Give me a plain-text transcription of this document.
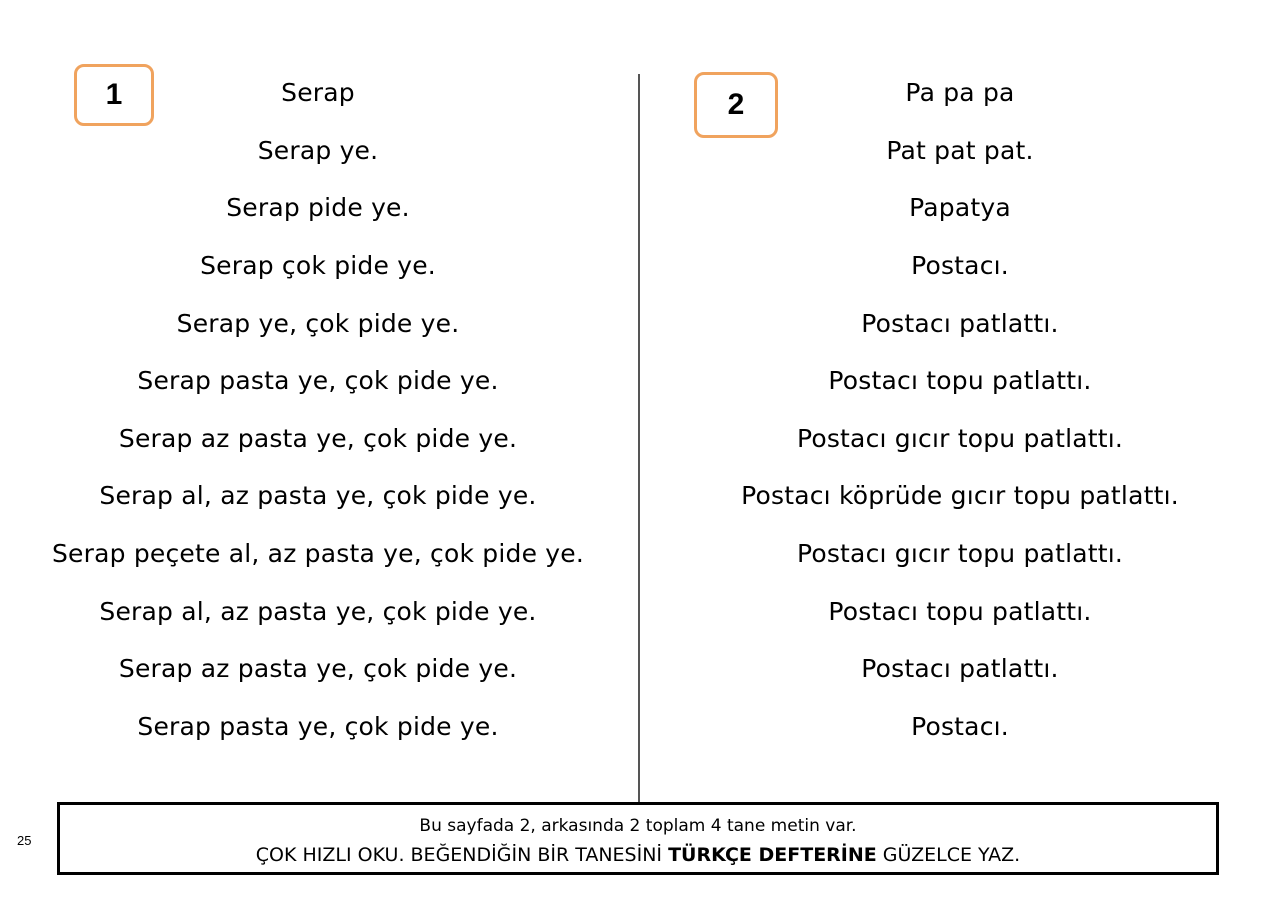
1	2
Serap
Serap ye.
Serap pide ye.
Serap çok pide ye.
Serap ye, çok pide ye.
Serap pasta ye, çok pide ye.
Serap az pasta ye, çok pide ye.
Serap al, az pasta ye, çok pide ye.
Serap peçete al, az pasta ye, çok pide ye.
Serap al, az pasta ye, çok pide ye.
Serap az pasta ye, çok pide ye.
Serap pasta ye, çok pide ye.
Pa pa pa
Pat pat pat.
Papatya
Postacı.
Postacı patlattı.
Postacı topu patlattı.
Postacı gıcır topu patlattı.
Postacı köprüde gıcır topu patlattı.
Postacı gıcır topu patlattı.
Postacı topu patlattı.
Postacı patlattı.
Postacı.
25
Bu sayfada 2, arkasında 2 toplam 4 tane metin var.
ÇOK HIZLI OKU. BEĞENDİĞİN BİR TANESİNİ TÜRKÇE DEFTERİNE GÜZELCE YAZ.
